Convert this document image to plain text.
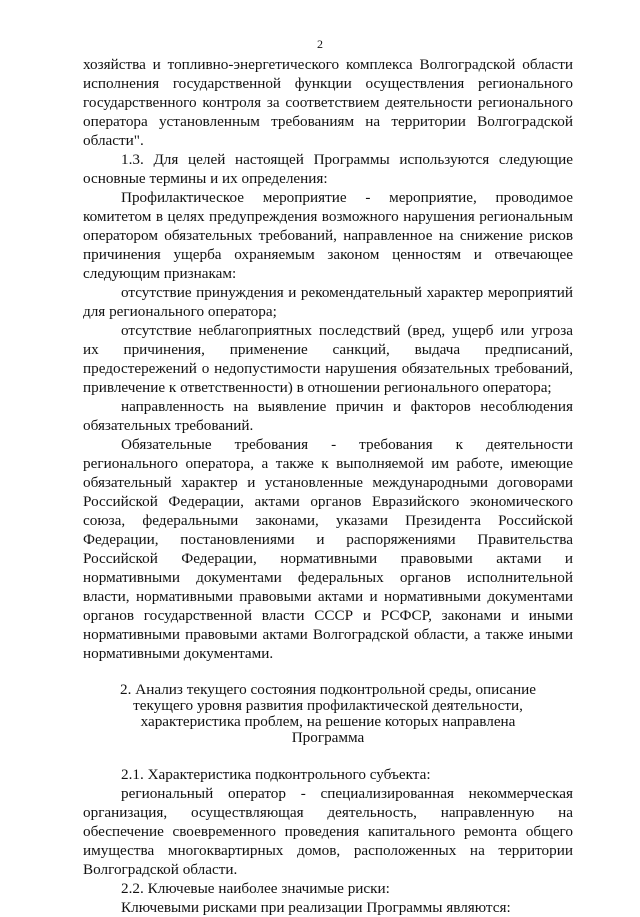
2

хозяйства и топливно-энергетического комплекса Волгоградской области исполнения государственной функции осуществления регионального государственного контроля за соответствием деятельности регионального оператора установленным требованиям на территории Волгоградской области".

1.3. Для целей настоящей Программы используются следующие основные термины и их определения:

Профилактическое мероприятие - мероприятие, проводимое комитетом в целях предупреждения возможного нарушения региональным оператором обязательных требований, направленное на снижение рисков причинения ущерба охраняемым законом ценностям и отвечающее следующим признакам:

отсутствие принуждения и рекомендательный характер мероприятий для регионального оператора;

отсутствие неблагоприятных последствий (вред, ущерб или угроза их причинения, применение санкций, выдача предписаний, предостережений о недопустимости нарушения обязательных требований, привлечение к ответственности) в отношении регионального оператора;

направленность на выявление причин и факторов несоблюдения обязательных требований.

Обязательные требования - требования к деятельности регионального оператора, а также к выполняемой им работе, имеющие обязательный характер и установленные международными договорами Российской Федерации, актами органов Евразийского экономического союза, федеральными законами, указами Президента Российской Федерации, постановлениями и распоряжениями Правительства Российской Федерации, нормативными правовыми актами и нормативными документами федеральных органов исполнительной власти, нормативными правовыми актами и нормативными документами органов государственной власти СССР и РСФСР, законами и иными нормативными правовыми актами Волгоградской области, а также иными нормативными документами.

2. Анализ текущего состояния подконтрольной среды, описание текущего уровня развития профилактической деятельности, характеристика проблем, на решение которых направлена Программа

2.1. Характеристика подконтрольного субъекта:

региональный оператор - специализированная некоммерческая организация, осуществляющая деятельность, направленную на обеспечение своевременного проведения капитального ремонта общего имущества многоквартирных домов, расположенных на территории Волгоградской области.

2.2. Ключевые наиболее значимые риски:

Ключевыми рисками при реализации Программы являются:
